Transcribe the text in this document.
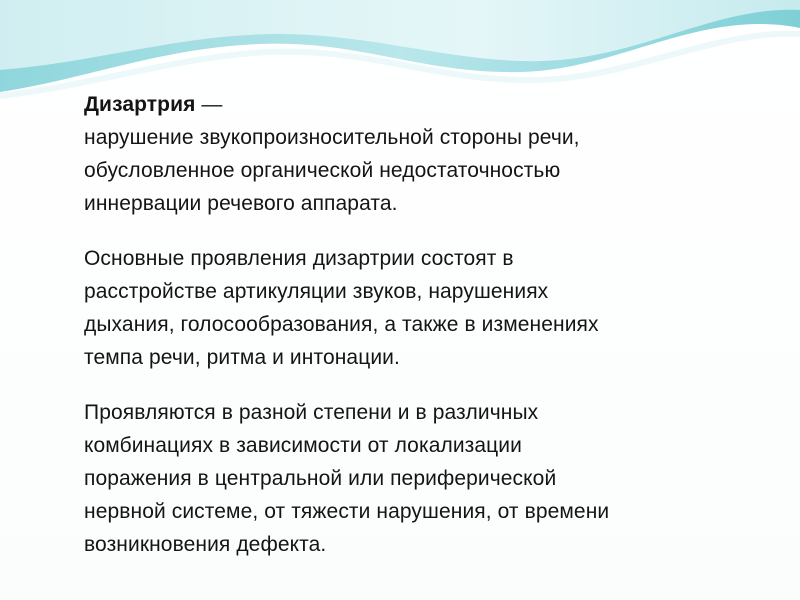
Дизартрия —

нарушение звукопроизносительной стороны речи,

обусловленное органической недостаточностью

иннервации речевого аппарата.

Основные проявления дизартрии состоят в

расстройстве артикуляции звуков, нарушениях

дыхания, голосообразования, а также в изменениях

темпа речи, ритма и интонации.

Проявляются в разной степени и в различных

комбинациях в зависимости от локализации

поражения в центральной или периферической

нервной системе, от тяжести нарушения, от времени

возникновения дефекта.
